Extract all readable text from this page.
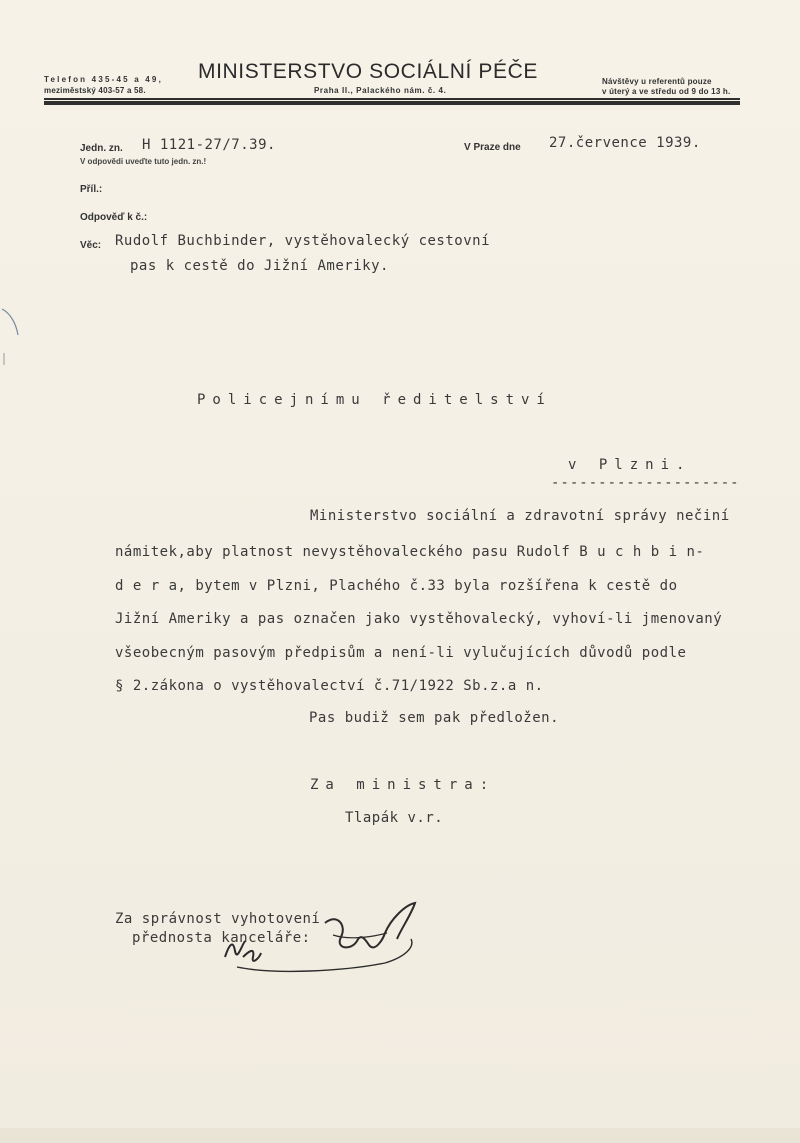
Telefon 435-45 a 49,
meziměstský 403-57 a 58.
MINISTERSTVO SOCIÁLNÍ PÉČE
Praha II., Palackého nám. č. 4.
Návštěvy u referentů pouze
v úterý a ve středu od 9 do 13 h.
Jedn. zn. H 1121-27/7.39.
V odpovědi uveďte tuto jedn. zn.!
V Praze dne 27.července 1939.
Příl.:
Odpověď k č.:
Věc: Rudolf Buchbinder, vystěhovalecký cestovní
pas k cestě do Jižní Ameriky.
Policejnímu ředitelství
v Plzni.
--------------------
Ministerstvo sociální a zdravotní správy nečiní
námitek,aby platnost nevystěhovaleckého pasu Rudolf B u c h b i n-
d e r a, bytem v Plzni, Plachého č.33 byla rozšířena k cestě do
Jižní Ameriky a pas označen jako vystěhovalecký, vyhoví-li jmenovaný
všeobecným pasovým předpisům a není-li vylučujících důvodů podle
§ 2.zákona o vystěhovalectví č.71/1922 Sb.z.a n.
Pas budiž sem pak předložen.
Za ministra:
Tlapák v.r.
Za správnost vyhotovení
přednosta kanceláře:
